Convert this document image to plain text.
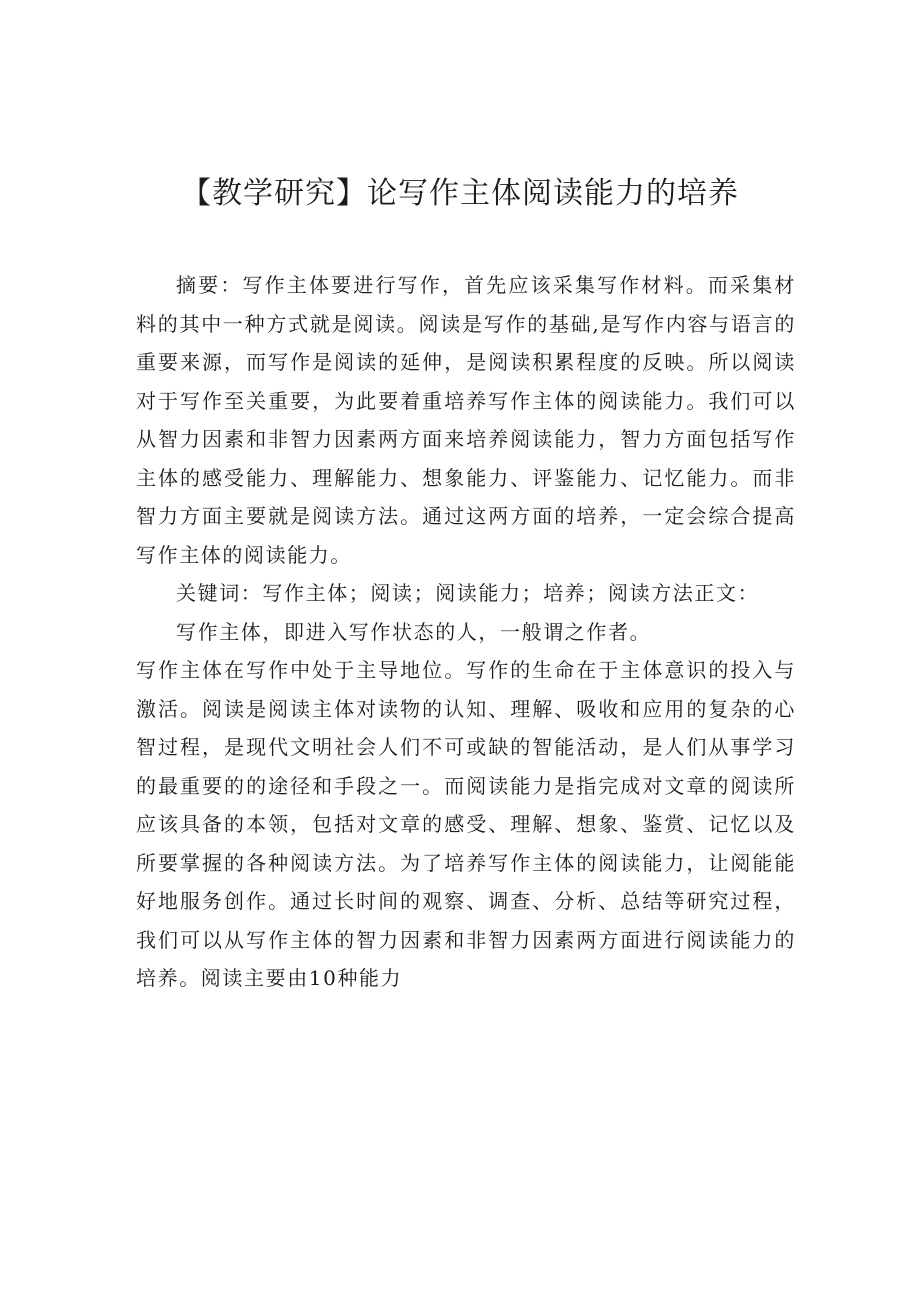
【教学研究】论写作主体阅读能力的培养

摘要：写作主体要进行写作，首先应该采集写作材料。而采集材料的其中一种方式就是阅读。阅读是写作的基础,是写作内容与语言的重要来源，而写作是阅读的延伸，是阅读积累程度的反映。所以阅读对于写作至关重要，为此要着重培养写作主体的阅读能力。我们可以从智力因素和非智力因素两方面来培养阅读能力，智力方面包括写作主体的感受能力、理解能力、想象能力、评鉴能力、记忆能力。而非智力方面主要就是阅读方法。通过这两方面的培养，一定会综合提高写作主体的阅读能力。

关键词：写作主体；阅读；阅读能力；培养；阅读方法正文：

写作主体，即进入写作状态的人，一般谓之作者。

写作主体在写作中处于主导地位。写作的生命在于主体意识的投入与激活。阅读是阅读主体对读物的认知、理解、吸收和应用的复杂的心智过程，是现代文明社会人们不可或缺的智能活动，是人们从事学习的最重要的的途径和手段之一。而阅读能力是指完成对文章的阅读所应该具备的本领，包括对文章的感受、理解、想象、鉴赏、记忆以及所要掌握的各种阅读方法。为了培养写作主体的阅读能力，让阅能能好地服务创作。通过长时间的观察、调查、分析、总结等研究过程，我们可以从写作主体的智力因素和非智力因素两方面进行阅读能力的培养。阅读主要由10种能力
